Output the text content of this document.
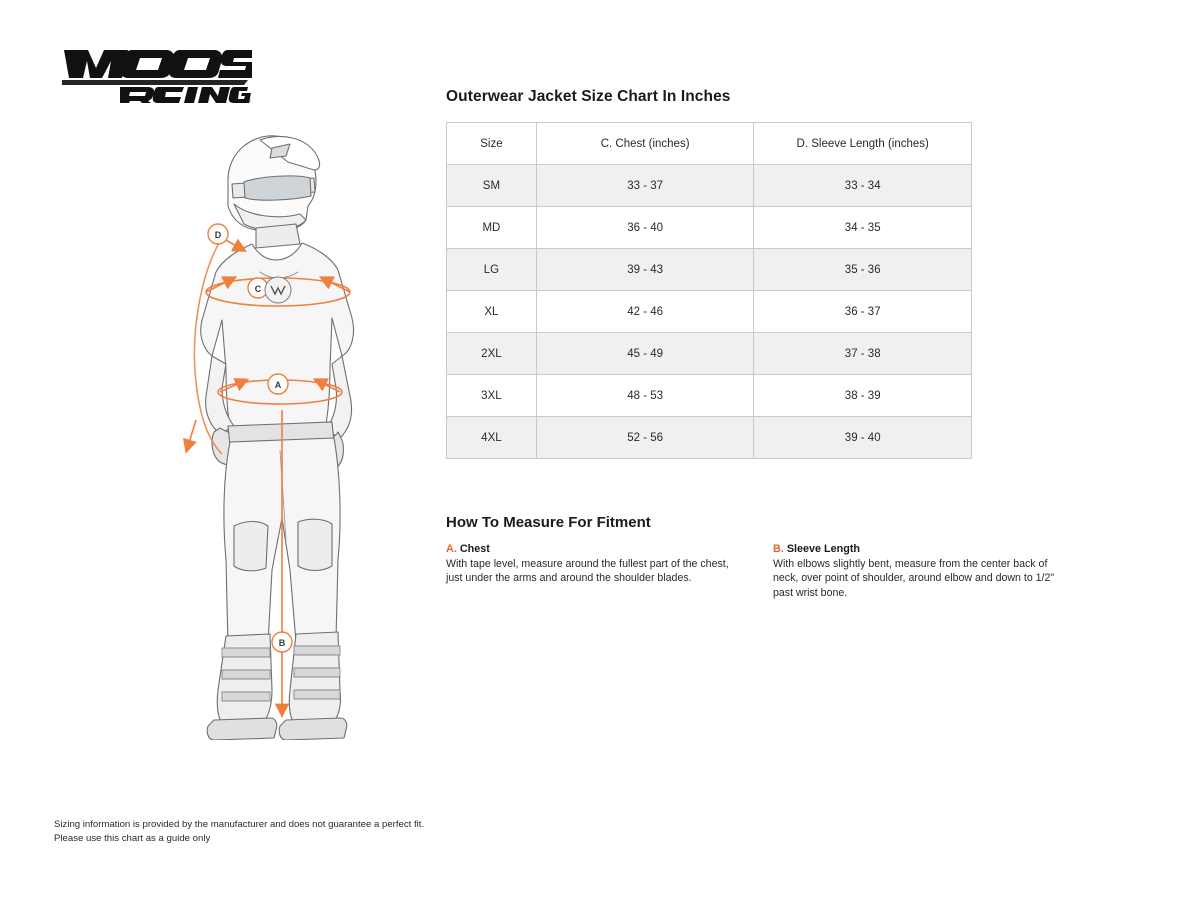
®
D
C
A
B
Outerwear Jacket Size Chart In Inches
Size	C. Chest (inches)	D. Sleeve Length (inches)
SM	33 - 37	33 - 34
MD	36 - 40	34 - 35
LG	39 - 43	35 - 36
XL	42 - 46	36 - 37
2XL	45 - 49	37 - 38
3XL	48 - 53	38 - 39
4XL	52 - 56	39 - 40
How To Measure For Fitment
A. Chest
With tape level, measure around the fullest part of the chest, just under the arms and around the shoulder blades.
B. Sleeve Length
With elbows slightly bent, measure from the center back of neck, over point of shoulder, around elbow and down to 1/2" past wrist bone.
Sizing information is provided by the manufacturer and does not guarantee a perfect fit.
Please use this chart as a guide only
